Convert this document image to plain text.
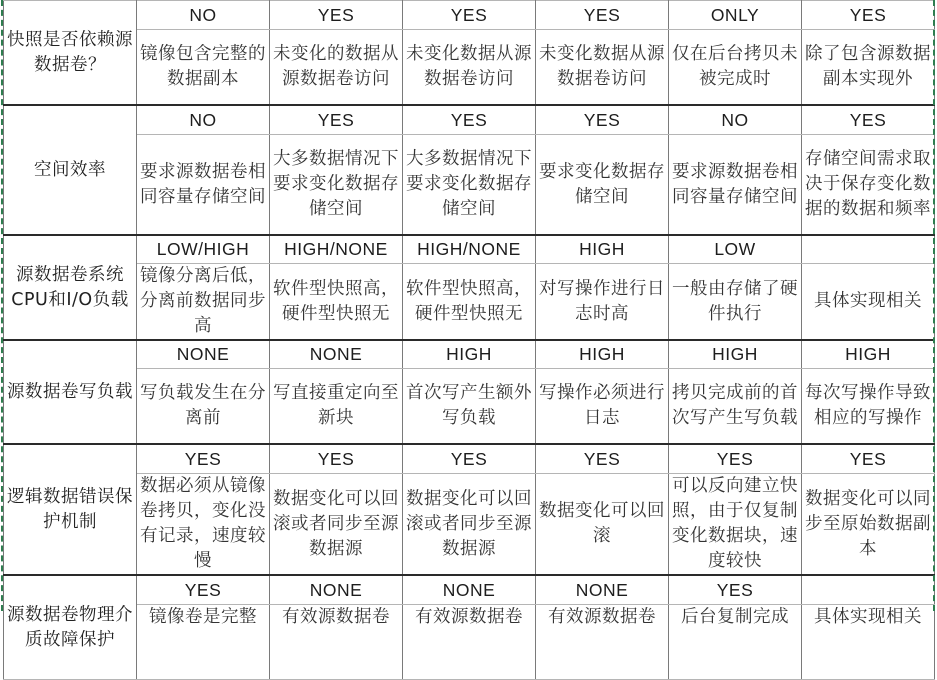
快照是否依赖源数据卷？	NO	YES	YES	YES	ONLY	YES
	镜像包含完整的数据副本	未变化的数据从源数据卷访问	未变化数据从源数据卷访问	未变化数据从源数据卷访问	仅在后台拷贝未被完成时	除了包含源数据副本实现外
空间效率	NO	YES	YES	YES	NO	YES
	要求源数据卷相同容量存储空间	大多数据情况下要求变化数据存储空间	大多数据情况下要求变化数据存储空间	要求变化数据存储空间	要求源数据卷相同容量存储空间	存储空间需求取决于保存变化数据的数据和频率
源数据卷系统CPU和I/O负载	LOW/HIGH	HIGH/NONE	HIGH/NONE	HIGH	LOW	
	镜像分离后低，分离前数据同步高	软件型快照高，硬件型快照无	软件型快照高，硬件型快照无	对写操作进行日志时高	一般由存储了硬件执行	具体实现相关
源数据卷写负载	NONE	NONE	HIGH	HIGH	HIGH	HIGH
	写负载发生在分离前	写直接重定向至新块	首次写产生额外写负载	写操作必须进行日志	拷贝完成前的首次写产生写负载	每次写操作导致相应的写操作
逻辑数据错误保护机制	YES	YES	YES	YES	YES	YES
	数据必须从镜像卷拷贝，变化没有记录，速度较慢	数据变化可以回滚或者同步至源数据源	数据变化可以回滚或者同步至源数据源	数据变化可以回滚	可以反向建立快照，由于仅复制变化数据块，速度较快	数据变化可以同步至原始数据副本
源数据卷物理介质故障保护	YES	NONE	NONE	NONE	YES	
	镜像卷是完整	有效源数据卷	有效源数据卷	有效源数据卷	后台复制完成	具体实现相关
